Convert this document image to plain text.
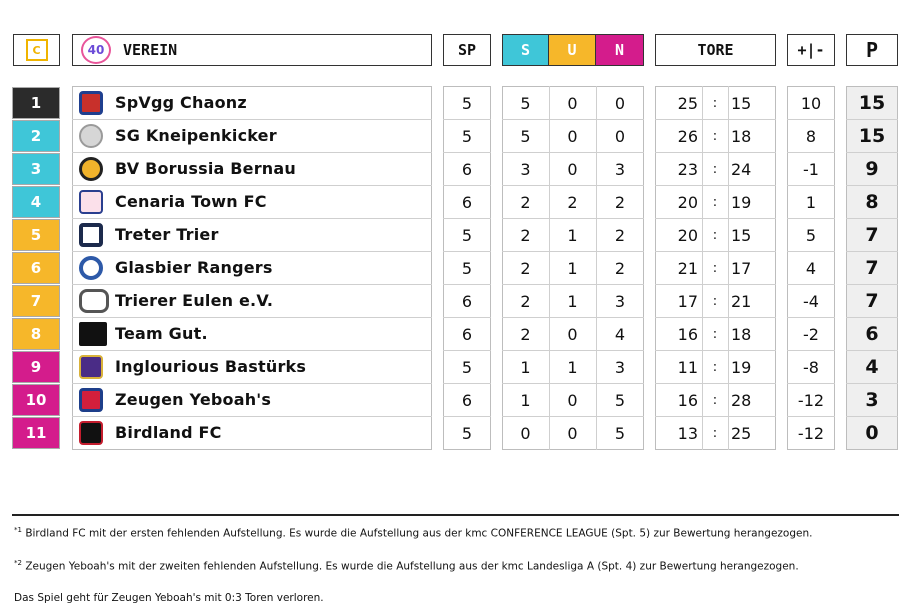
C	40 VEREIN	SP	S	U	N	TORE	+|-	P
1	SpVgg Chaonz	5	5	0	0	25 15	10	15
:
2	SG Kneipenkicker	5	5	0	0	26 18	8	15
:
3	BV Borussia Bernau	6	3	0	3	23 24	-1	9
:
4	Cenaria Town FC	6	2	2	2	20 19	1	8
:
5	Treter Trier	5	2	1	2	20 15	5	7
:
6	Glasbier Rangers	5	2	1	2	21 17	4	7
:
7	Trierer Eulen e.V.	6	2	1	3	17 21	-4	7
:
8	Team Gut.	6	2	0	4	16 18	-2	6
:
9	Inglourious Bastürks	5	1	1	3	11 19	-8	4
:
10	Zeugen Yeboah's	6	1	0	5	16 28	-12	3
:
11	Birdland FC	5	0	0	5	13 25	-12	0
:
$^{*1}$ Birdland FC mit der ersten fehlenden Aufstellung. Es wurde die Aufstellung aus der kmc CONFERENCE LEAGUE (Spt. 5) zur Bewertung herangezogen.
$^{*2}$ Zeugen Yeboah's mit der zweiten fehlenden Aufstellung. Es wurde die Aufstellung aus der kmc Landesliga A (Spt. 4) zur Bewertung herangezogen.
Das Spiel geht für Zeugen Yeboah's mit 0:3 Toren verloren.
